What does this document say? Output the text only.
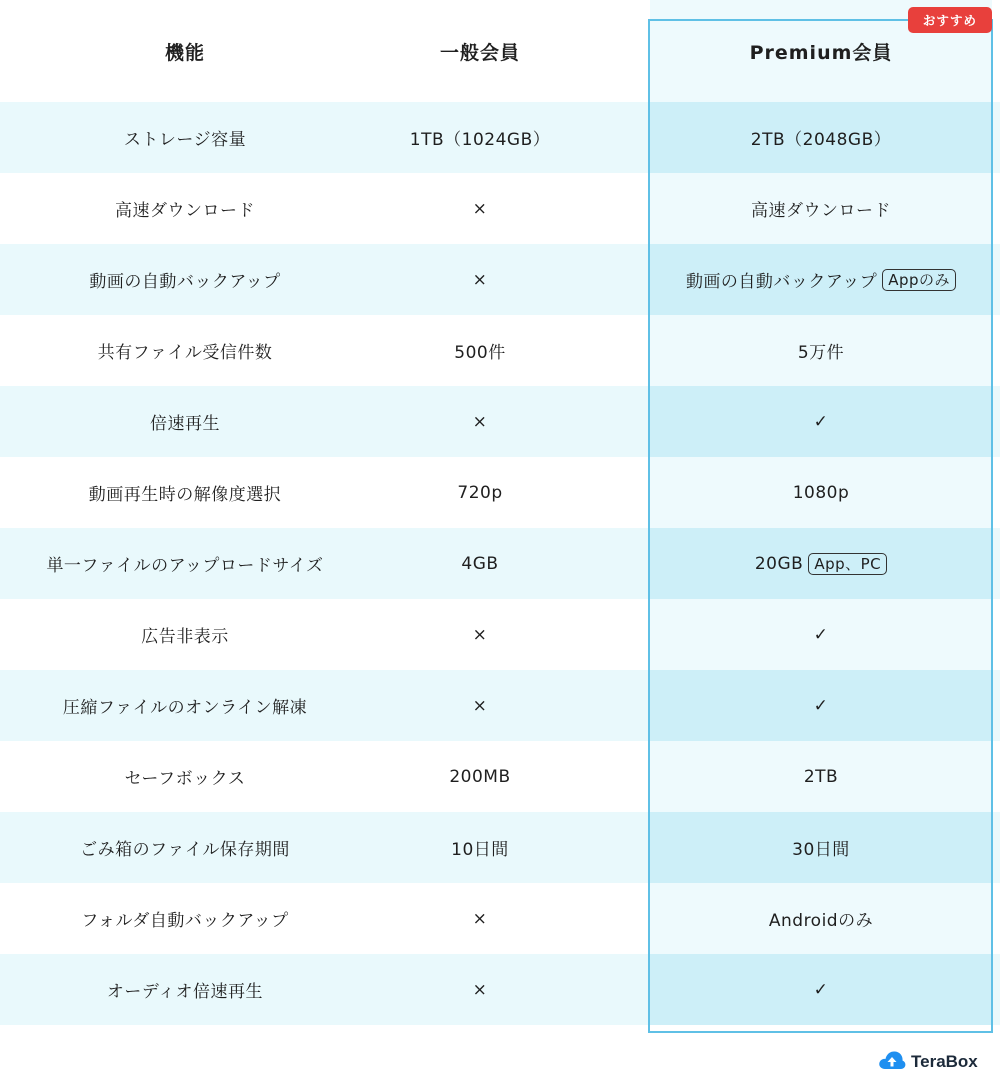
機能	一般会員	Premium会員
ストレージ容量	1TB（1024GB）	2TB（2048GB）
高速ダウンロード	×	高速ダウンロード
動画の自動バックアップ	×	動画の自動バックアップ Appのみ
共有ファイル受信件数	500件	5万件
倍速再生	×	✓
動画再生時の解像度選択	720p	1080p
単一ファイルのアップロードサイズ	4GB	20GB App、PC
広告非表示	×	✓
圧縮ファイルのオンライン解凍	×	✓
セーフボックス	200MB	2TB
ごみ箱のファイル保存期間	10日間	30日間
フォルダ自動バックアップ	×	Androidのみ
オーディオ倍速再生	×	✓
おすすめ
TeraBox
